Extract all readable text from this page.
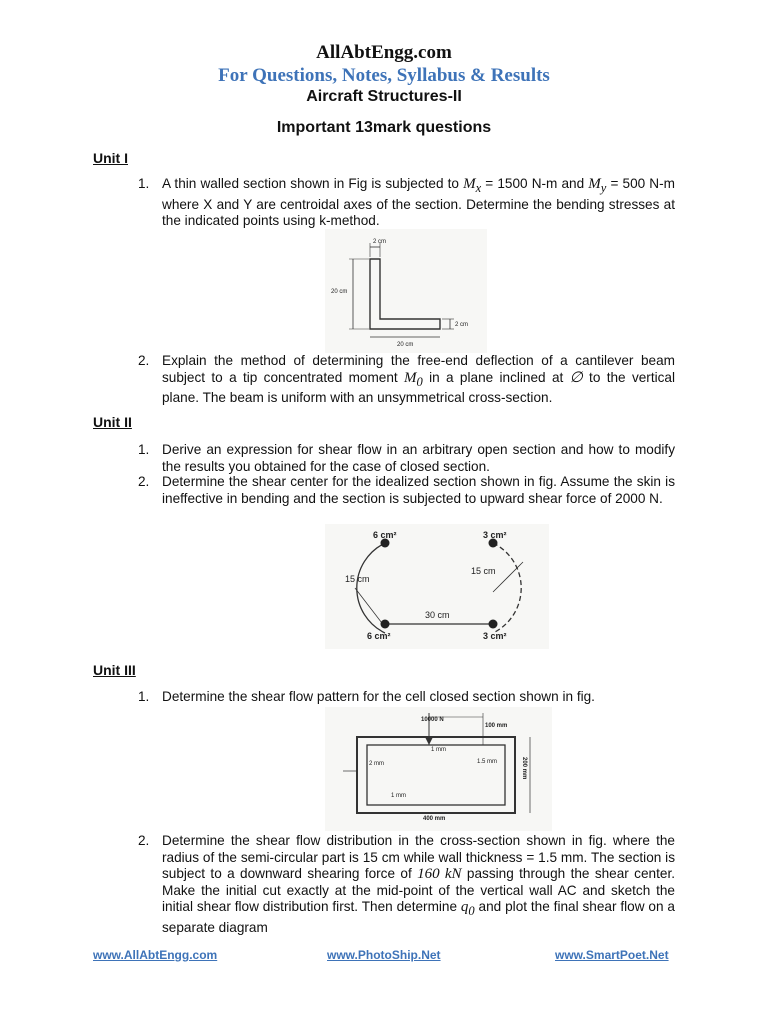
AllAbtEngg.com
For Questions, Notes, Syllabus & Results
Aircraft Structures-II
Important 13mark questions
Unit I
1. A thin walled section shown in Fig is subjected to $M_x = 1500$ N-m and $M_y = 500$ N-m where X and Y are centroidal axes of the section. Determine the bending stresses at the indicated points using k-method.
2 cm
20 cm
20 cm
2 cm
2. Explain the method of determining the free-end deflection of a cantilever beam subject to a tip concentrated moment $M_0$ in a plane inclined at ∅ to the vertical plane. The beam is uniform with an unsymmetrical cross-section.
Unit II
1. Derive an expression for shear flow in an arbitrary open section and how to modify the results you obtained for the case of closed section.
2. Determine the shear center for the idealized section shown in fig. Assume the skin is ineffective in bending and the section is subjected to upward shear force of 2000 N.
6 cm²	3 cm²
6 cm²	3 cm²
15 cm
15 cm
30 cm
Unit III
1. Determine the shear flow pattern for the cell closed section shown in fig.
10000 N
100 mm
1 mm
1.5 mm
2 mm
1 mm
400 mm
200 mm
2. Determine the shear flow distribution in the cross-section shown in fig. where the radius of the semi-circular part is 15 cm while wall thickness = 1.5 mm. The section is subject to a downward shearing force of 160 kN passing through the shear center. Make the initial cut exactly at the mid-point of the vertical wall AC and sketch the initial shear flow distribution first. Then determine $q_0$ and plot the final shear flow on a separate diagram
www.AllAbtEngg.com	www.PhotoShip.Net	www.SmartPoet.Net
